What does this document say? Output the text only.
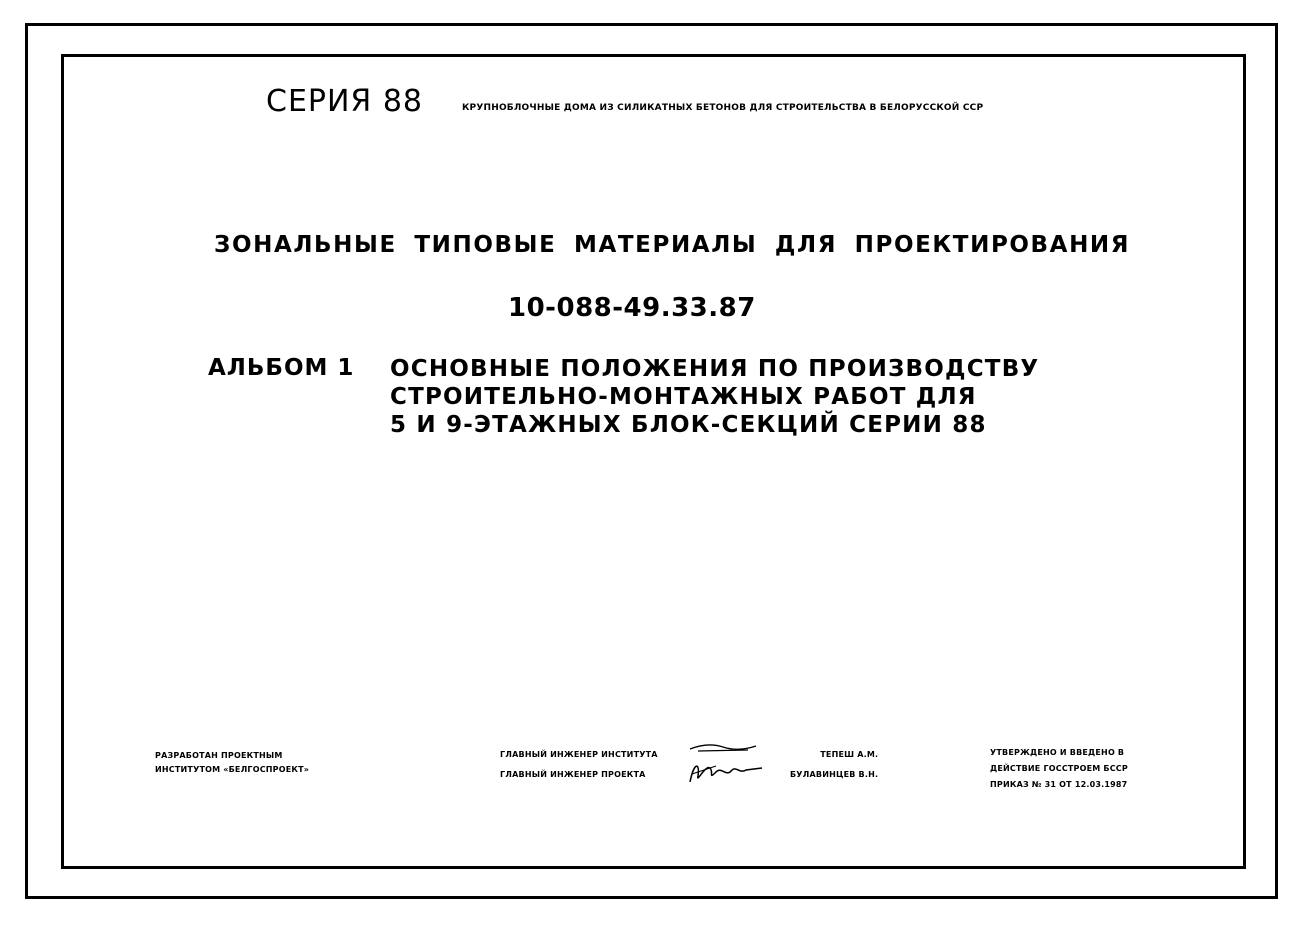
СЕРИЯ 88	КРУПНОБЛОЧНЫЕ ДОМА ИЗ СИЛИКАТНЫХ БЕТОНОВ ДЛЯ СТРОИТЕЛЬСТВА В БЕЛОРУССКОЙ ССР
ЗОНАЛЬНЫЕ ТИПОВЫЕ МАТЕРИАЛЫ ДЛЯ ПРОЕКТИРОВАНИЯ
10-088-49.33.87
АЛЬБОМ 1 ОСНОВНЫЕ ПОЛОЖЕНИЯ ПО ПРОИЗВОДСТВУ
СТРОИТЕЛЬНО-МОНТАЖНЫХ РАБОТ ДЛЯ
5 И 9-ЭТАЖНЫХ БЛОК-СЕКЦИЙ СЕРИИ 88
РАЗРАБОТАН ПРОЕКТНЫМ
ИНСТИТУТОМ «БЕЛГОСПРОЕКТ»
ГЛАВНЫЙ ИНЖЕНЕР ИНСТИТУТА
ГЛАВНЫЙ ИНЖЕНЕР ПРОЕКТА
ТЕПЕШ А.М.
БУЛАВИНЦЕВ В.Н.
УТВЕРЖДЕНО И ВВЕДЕНО В
ДЕЙСТВИЕ ГОССТРОЕМ БССР
ПРИКАЗ № 31 ОТ 12.03.1987
